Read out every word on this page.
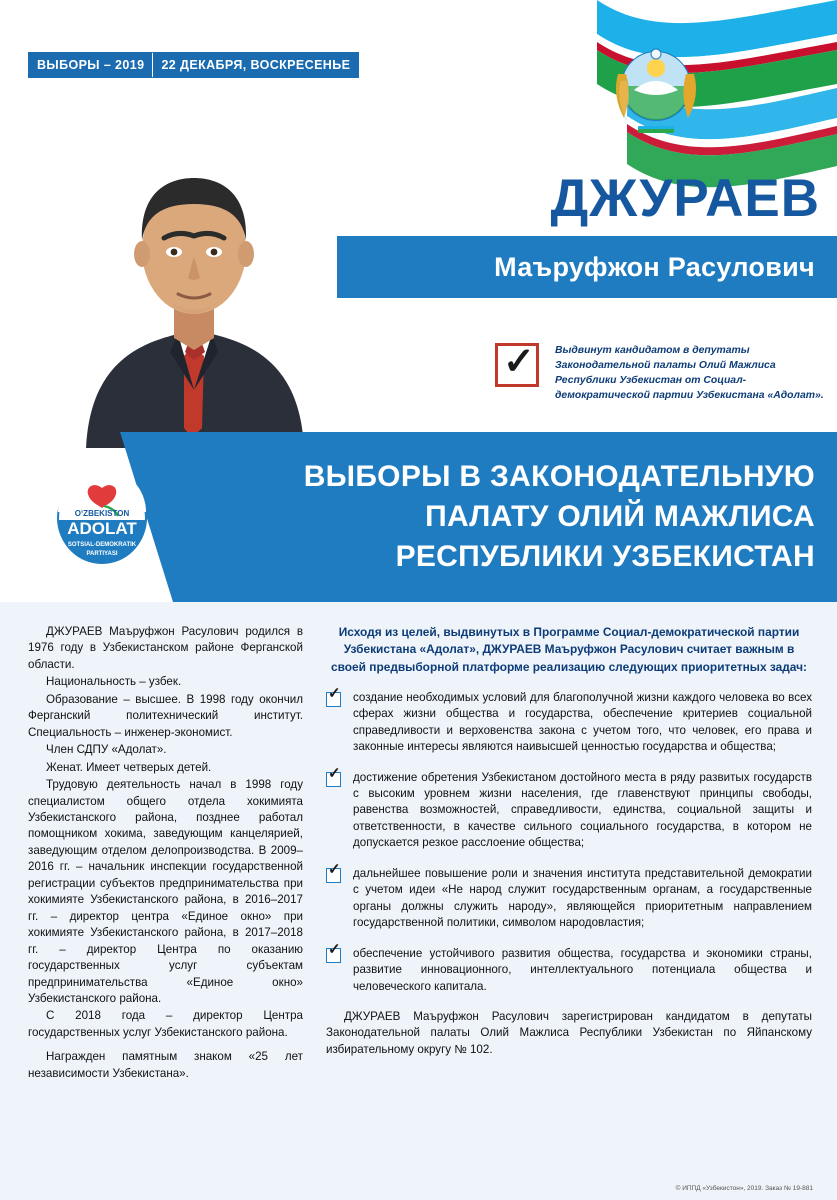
ВЫБОРЫ – 2019	22 ДЕКАБРЯ, ВОСКРЕСЕНЬЕ
ДЖУРАЕВ
Маъруфжон Расулович
✓ Выдвинут кандидатом в депутаты Законодательной палаты Олий Мажлиса Республики Узбекистан от Социал-демократической партии Узбекистана «Адолат».
ВЫБОРЫ В ЗАКОНОДАТЕЛЬНУЮ
ПАЛАТУ ОЛИЙ МАЖЛИСА
РЕСПУБЛИКИ УЗБЕКИСТАН
O‘ZBEKISTON
ADOLAT
SOTSIAL-DEMOKRATIK
PARTIYASI

ДЖУРАЕВ Маъруфжон Расулович родился в 1976 году в Узбекистанском районе Ферганской области.

Национальность – узбек.

Образование – высшее. В 1998 году окончил Ферганский политехнический институт. Специальность – инженер-экономист.

Член СДПУ «Адолат».

Женат. Имеет четверых детей.

Трудовую деятельность начал в 1998 году специалистом общего отдела хокимията Узбекистанского района, позднее работал помощником хокима, заведующим канцелярией, заведующим отделом делопроизводства. В 2009–2016 гг. – начальник инспекции государственной регистрации субъектов предпринимательства при хокимияте Узбекистанского района, в 2016–2017 гг. – директор центра «Единое окно» при хокимияте Узбекистанского района, в 2017–2018 гг. – директор Центра по оказанию государственных услуг субъектам предпринимательства «Единое окно» Узбекистанского района.

С 2018 года – директор Центра государственных услуг Узбекистанского района.

Награжден памятным знаком «25 лет независимости Узбекистана».

Исходя из целей, выдвинутых в Программе Социал-демократической партии Узбекистана «Адолат», ДЖУРАЕВ Маъруфжон Расулович считает важным в своей предвыборной платформе реализацию следующих приоритетных задач:
✓ создание необходимых условий для благополучной жизни каждого человека во всех сферах жизни общества и государства, обеспечение критериев социальной справедливости и верховенства закона с учетом того, что человек, его права и законные интересы являются наивысшей ценностью государства и общества;
✓ достижение обретения Узбекистаном достойного места в ряду развитых государств с высоким уровнем жизни населения, где главенствуют принципы свободы, равенства возможностей, справедливости, единства, социальной защиты и ответственности, в качестве сильного социального государства, в котором не допускается резкое расслоение общества;
✓ дальнейшее повышение роли и значения института представительной демократии с учетом идеи «Не народ служит государственным органам, а государственные органы должны служить народу», являющейся приоритетным направлением государственной политики, символом народовластия;
✓ обеспечение устойчивого развития общества, государства и экономики страны, развитие инновационного, интеллектуального потенциала общества и человеческого капитала.
ДЖУРАЕВ Маъруфжон Расулович зарегистрирован кандидатом в депутаты Законодательной палаты Олий Мажлиса Республики Узбекистан по Яйпанскому избирательному округу № 102.
© ИППД «Узбекистон», 2019. Заказ № 19-881
